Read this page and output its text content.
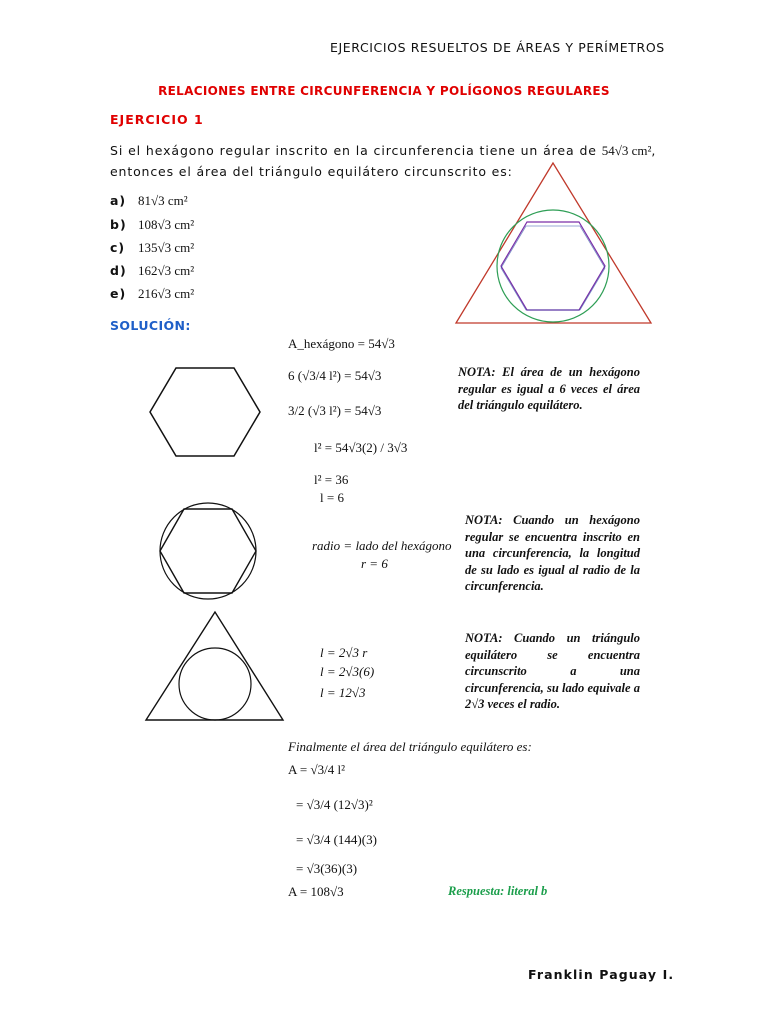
EJERCICIOS RESUELTOS DE ÁREAS Y PERÍMETROS
RELACIONES ENTRE CIRCUNFERENCIA Y POLÍGONOS REGULARES
EJERCICIO 1
Si el hexágono regular inscrito en la circunferencia tiene un área de 54√3 cm²,
entonces el área del triángulo equilátero circunscrito es:
a) 81√3 cm²
b) 108√3 cm²
c) 135√3 cm²
d) 162√3 cm²
e) 216√3 cm²
SOLUCIÓN:
A_hexágono = 54√3
6 (√3/4 l²) = 54√3
3/2 (√3 l²) = 54√3
l² = 54√3(2) / 3√3
l² = 36
l = 6
NOTA: El área de un hexágono regular es igual a 6 veces el área del triángulo equilátero.
radio = lado del hexágono
r = 6
NOTA: Cuando un hexágono regular se encuentra inscrito en una circunferencia, la longitud de su lado es igual al radio de la circunferencia.
l = 2√3 r
l = 2√3(6)
l = 12√3
NOTA: Cuando un triángulo equilátero se encuentra circunscrito a una circunferencia, su lado equivale a 2√3 veces el radio.
Finalmente el área del triángulo equilátero es:
A = √3/4 l²
= √3/4 (12√3)²
= √3/4 (144)(3)
= √3(36)(3)
A = 108√3	Respuesta: literal b
Franklin Paguay I.
